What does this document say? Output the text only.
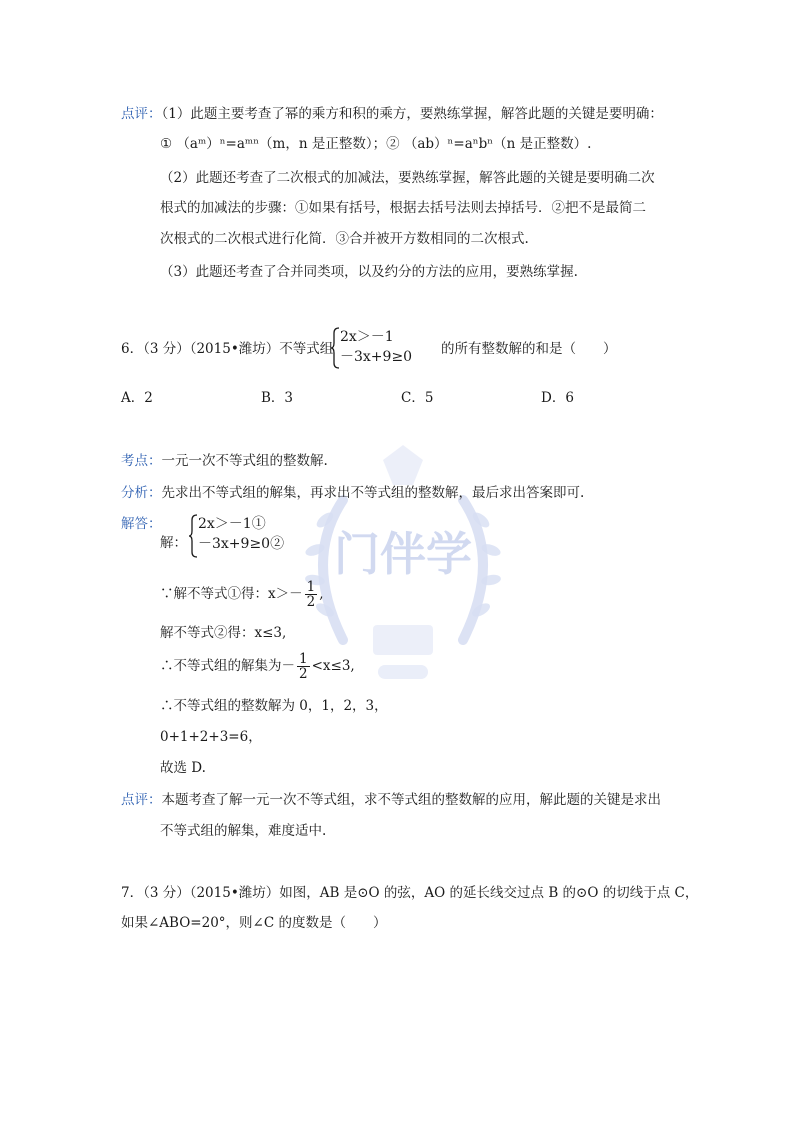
门伴学
点评：（1）此题主要考查了幂的乘方和积的乘方，要熟练掌握，解答此题的关键是要明确：
① （aᵐ）ⁿ=aᵐⁿ（m，n 是正整数）；② （ab）ⁿ=aⁿbⁿ（n 是正整数）.
（2）此题还考查了二次根式的加减法，要熟练掌握，解答此题的关键是要明确二次
根式的加减法的步骤：①如果有括号，根据去括号法则去掉括号．②把不是最简二
次根式的二次根式进行化简．③合并被开方数相同的二次根式.
（3）此题还考查了合并同类项，以及约分的方法的应用，要熟练掌握.
6．（3 分）（2015•潍坊）不等式组
2x＞－1
－3x+9≥0 的所有整数解的和是（　　）
A．2	B．3	C．5	D．6
考点：一元一次不等式组的整数解.
分析：先求出不等式组的解集，再求出不等式组的整数解，最后求出答案即可.
解答：
解：
2x＞－1①
－3x+9≥0②
∵解不等式①得：$x>- \frac{1}{2}$ ,
解不等式②得：x≤3,
∴不等式组的解集为－ $\frac{1}{2} <x\le 3$,
∴不等式组的整数解为 0，1，2，3，
0+1+2+3=6，
故选 D.
点评：本题考查了解一元一次不等式组，求不等式组的整数解的应用，解此题的关键是求出
不等式组的解集，难度适中.
7．（3 分）（2015•潍坊）如图，AB 是⊙O 的弦，AO 的延长线交过点 B 的⊙O 的切线于点 C，
如果∠ABO=20°，则∠C 的度数是（　　）
